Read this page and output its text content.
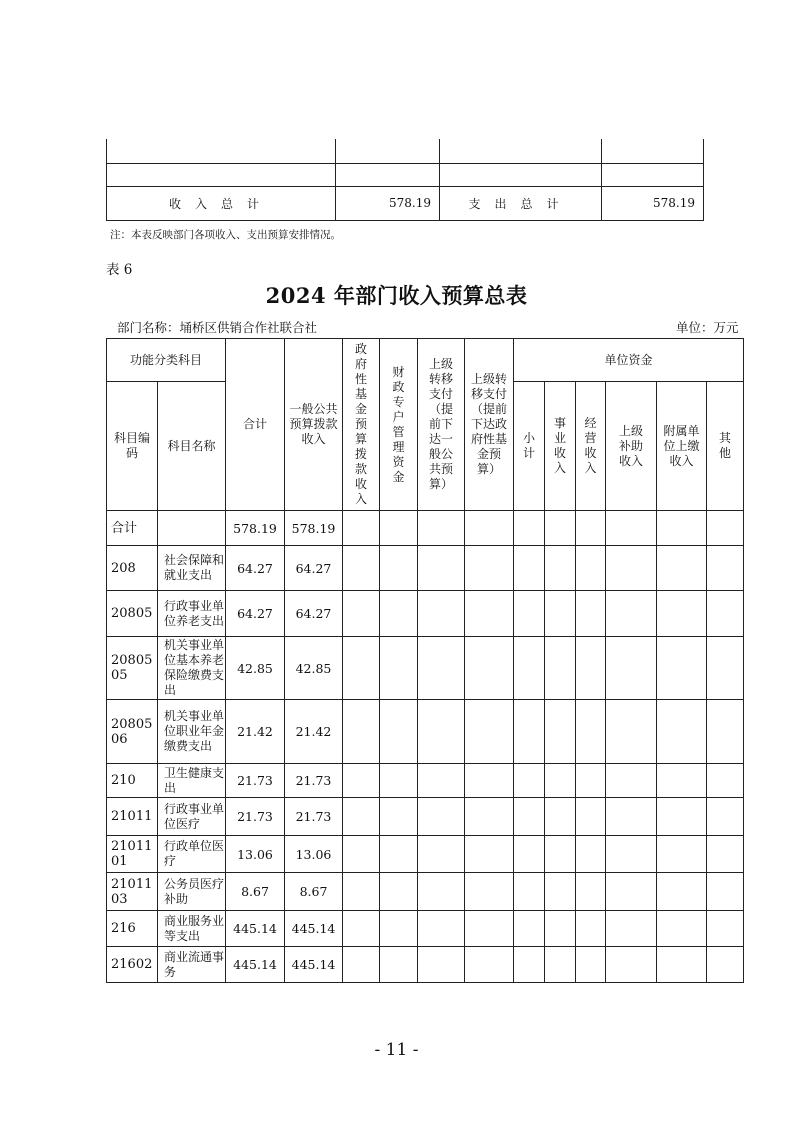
收入总计	578.19	支出总计	578.19
注：本表反映部门各项收入、支出预算安排情况。
表 6
2024 年部门收入预算总表
部门名称：埇桥区供销合作社联合社	单位：万元
功能分类科目		合计	一般公共预算拨款收入	政府性基金预算拨款收入	财政专户管理资金	上级转移支付（提前下达一般公共预算）	上级转移支付（提前下达政府性基金预算）	单位资金					
科目编码	科目名称							小计	事业收入	经营收入	上级补助收入	附属单位上缴收入	其他
合计		578.19	578.19										
208	社会保障和就业支出	64.27	64.27										
20805	行政事业单位养老支出	64.27	64.27										
2080505	机关事业单位基本养老保险缴费支出	42.85	42.85										
2080506	机关事业单位职业年金缴费支出	21.42	21.42										
210	卫生健康支出	21.73	21.73										
21011	行政事业单位医疗	21.73	21.73										
2101101	行政单位医疗	13.06	13.06										
2101103	公务员医疗补助	8.67	8.67										
216	商业服务业等支出	445.14	445.14										
21602	商业流通事务	445.14	445.14										
- 11 -
